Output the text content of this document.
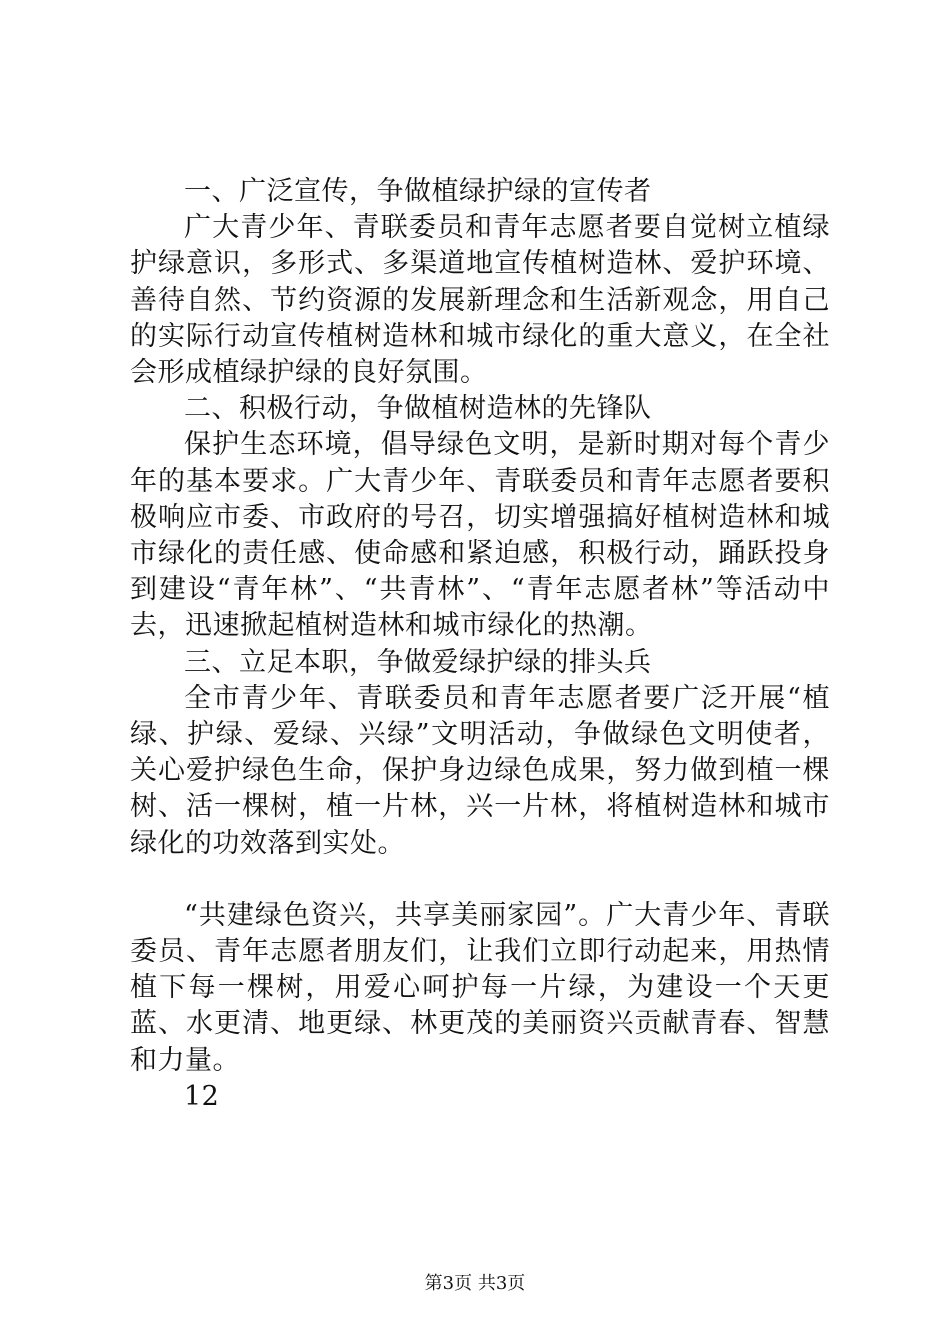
一、广泛宣传，争做植绿护绿的宣传者

广大青少年、青联委员和青年志愿者要自觉树立植绿护绿意识，多形式、多渠道地宣传植树造林、爱护环境、善待自然、节约资源的发展新理念和生活新观念，用自己的实际行动宣传植树造林和城市绿化的重大意义，在全社会形成植绿护绿的良好氛围。

二、积极行动，争做植树造林的先锋队

保护生态环境，倡导绿色文明，是新时期对每个青少年的基本要求。广大青少年、青联委员和青年志愿者要积极响应市委、市政府的号召，切实增强搞好植树造林和城市绿化的责任感、使命感和紧迫感，积极行动，踊跃投身到建设“青年林”、“共青林”、“青年志愿者林”等活动中去，迅速掀起植树造林和城市绿化的热潮。

三、立足本职，争做爱绿护绿的排头兵

全市青少年、青联委员和青年志愿者要广泛开展“植绿、护绿、爱绿、兴绿”文明活动，争做绿色文明使者，关心爱护绿色生命，保护身边绿色成果，努力做到植一棵树、活一棵树，植一片林，兴一片林，将植树造林和城市绿化的功效落到实处。

“共建绿色资兴，共享美丽家园”。广大青少年、青联委员、青年志愿者朋友们，让我们立即行动起来，用热情植下每一棵树，用爱心呵护每一片绿，为建设一个天更蓝、水更清、地更绿、林更茂的美丽资兴贡献青春、智慧和力量。

12

第3页 共3页
